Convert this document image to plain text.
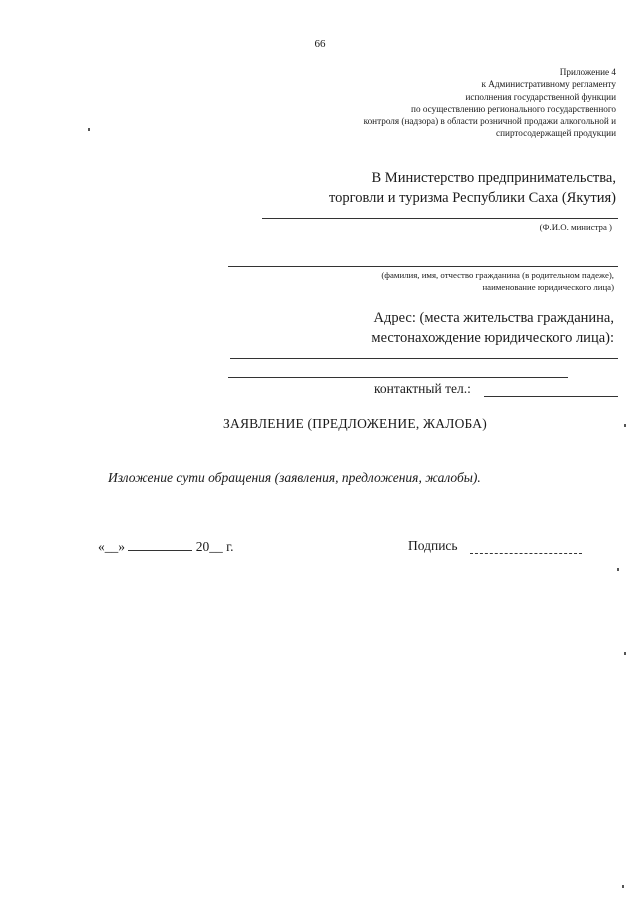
66
Приложение 4
к Административному регламенту
исполнения государственной функции
по осуществлению регионального государственного
контроля (надзора) в области розничной продажи алкогольной и
спиртосодержащей продукции
В Министерство предпринимательства,
торговли и туризма Республики Саха (Якутия)
(Ф.И.О. министра )
(фамилия, имя, отчество гражданина (в родительном падеже),
наименование юридического лица)
Адрес: (места жительства гражданина,
местонахождение юридического лица):
контактный тел.:
ЗАЯВЛЕНИЕ (ПРЕДЛОЖЕНИЕ, ЖАЛОБА)
Изложение сути обращения (заявления, предложения, жалобы).
«__»	20__ г.	Подпись
